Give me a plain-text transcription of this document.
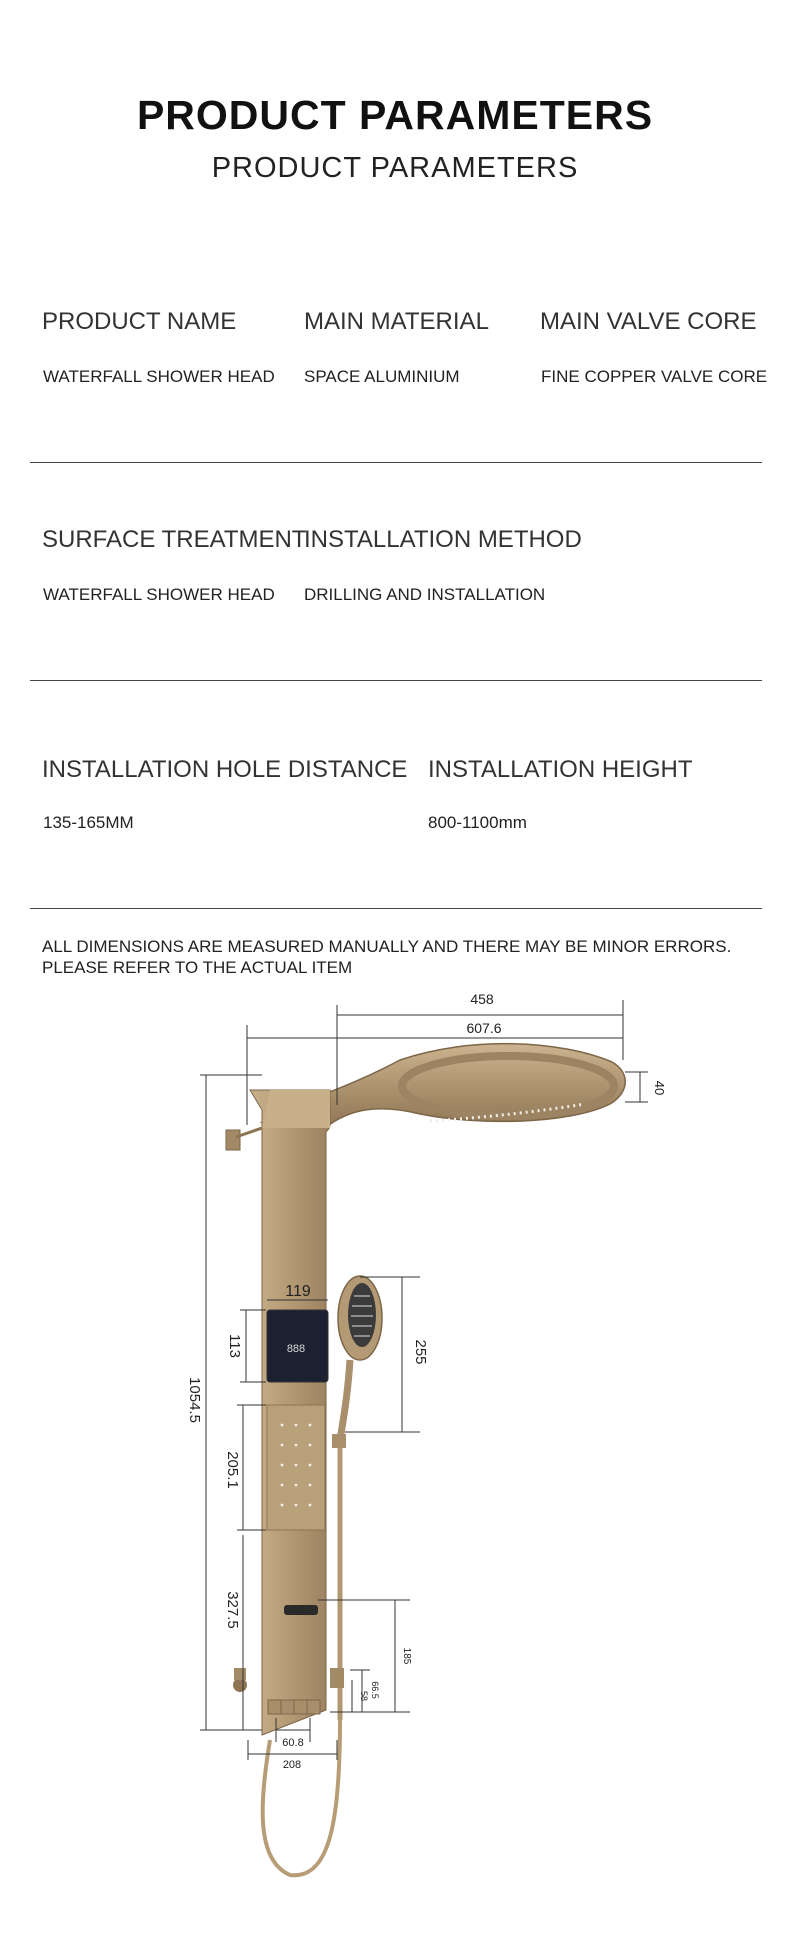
PRODUCT PARAMETERS
PRODUCT PARAMETERS
PRODUCT NAME
WATERFALL SHOWER HEAD
MAIN MATERIAL
SPACE ALUMINIUM
MAIN VALVE CORE
FINE COPPER VALVE CORE
SURFACE TREATMENT
WATERFALL SHOWER HEAD
INSTALLATION METHOD
DRILLING AND INSTALLATION
INSTALLATION HOLE DISTANCE
135-165MM
INSTALLATION HEIGHT
800-1100mm
ALL DIMENSIONS ARE MEASURED MANUALLY AND THERE MAY BE MINOR ERRORS.
PLEASE REFER TO THE ACTUAL ITEM
888
458
607.6
40
119
113
1054.5
255
205.1
327.5
185
66.5
58
60.8
208
